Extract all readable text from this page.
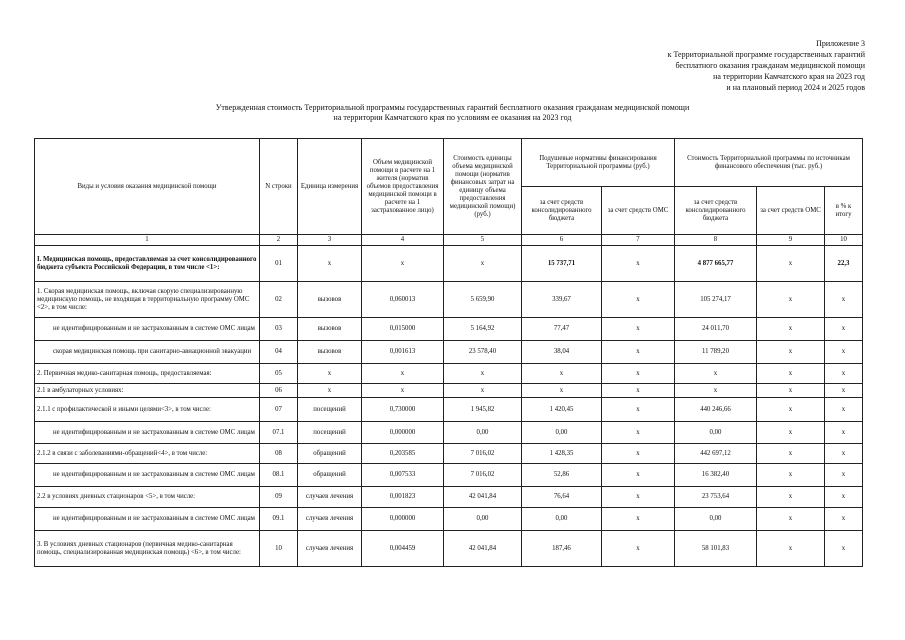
Приложение 3
к Территориальной программе государственных гарантий
бесплатного оказания гражданам медицинской помощи
на территории Камчатского края на 2023 год
и на плановый период 2024 и 2025 годов
Утвержденная стоимость Территориальной программы государственных гарантий бесплатного оказания гражданам медицинской помощи
на территории Камчатского края по условиям ее оказания на 2023 год
Виды и условия оказания медицинской помощи	N строки	Единица измерения	Объем медицинской помощи в расчете на 1 жителя (норматив объемов предоставления медицинской помощи в расчете на 1 застрахованное лицо)	Стоимость единицы объема медицинской помощи (норматив финансовых затрат на единицу объема предоставления медицинской помощи) (руб.)	Подушевые нормативы финансирования Территориальной программы (руб.)		Стоимость Территориальной программы по источникам финансового обеспечения (тыс. руб.)		
					за счет средств консолидированного бюджета	за счет средств ОМС	за счет средств консолидированного бюджета	за счет средств ОМС	в % к итогу
1	2	3	4	5	6	7	8	9	10
I. Медицинская помощь, предоставляемая за счет консолидированного бюджета субъекта Российской Федерации, в том числе <1>:	01	х	х	х	15 737,71	х	4 877 665,77	х	22,3
1. Скорая медицинская помощь, включая скорую специализированную медицинскую помощь, не входящая в территориальную программу ОМС <2>, в том числе:	02	вызовов	0,060013	5 659,90	339,67	х	105 274,17	х	х
не идентифицированным и не застрахованным в системе ОМС лицам	03	вызовов	0,015000	5 164,92	77,47	х	24 011,70	х	х
скорая медицинская помощь при санитарно-авиационной эвакуации	04	вызовов	0,001613	23 578,40	38,04	х	11 789,20	х	х
2. Первичная медико-санитарная помощь, предоставляемая:	05	х	х	х	х	х	х	х	х
2.1 в амбулаторных условиях:	06	х	х	х	х	х	х	х	х
2.1.1 с профилактической и иными целями<3>, в том числе:	07	посещений	0,730000	1 945,82	1 420,45	х	440 246,66	х	х
не идентифицированным и не застрахованным в системе ОМС лицам	07.1	посещений	0,000000	0,00	0,00	х	0,00	х	х
2.1.2 в связи с заболеваниями-обращений<4>, в том числе:	08	обращений	0,203585	7 016,02	1 428,35	х	442 697,12	х	х
не идентифицированным и не застрахованным в системе ОМС лицам	08.1	обращений	0,007533	7 016,02	52,86	х	16 382,40	х	х
2.2 в условиях дневных стационаров <5>, в том числе:	09	случаев лечения	0,001823	42 041,84	76,64	х	23 753,64	х	х
не идентифицированным и не застрахованным в системе ОМС лицам	09.1	случаев лечения	0,000000	0,00	0,00	х	0,00	х	х
3. В условиях дневных стационаров (первичная медико-санитарная помощь, специализированная медицинская помощь) <6>, в том числе:	10	случаев лечения	0,004459	42 041,84	187,46	х	58 101,83	х	х
